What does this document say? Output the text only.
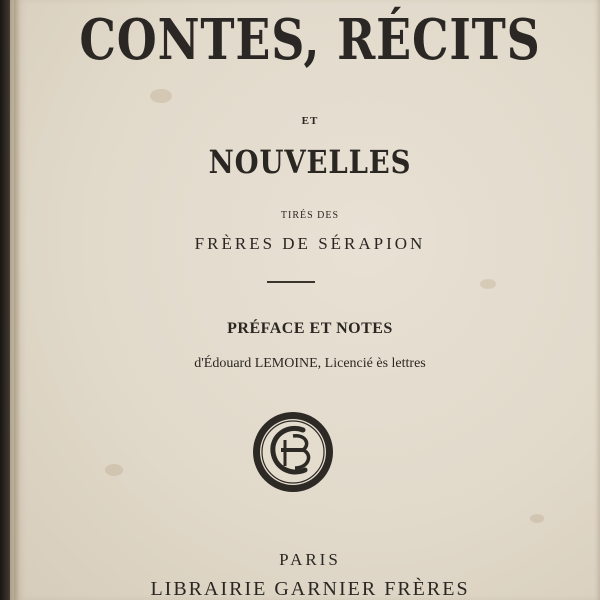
CONTES, RÉCITS
ET
NOUVELLES
TIRÉS DES
FRÈRES DE SÉRAPION
PRÉFACE ET NOTES
d'Édouard LEMOINE, Licencié ès lettres
PARIS
LIBRAIRIE GARNIER FRÈRES
